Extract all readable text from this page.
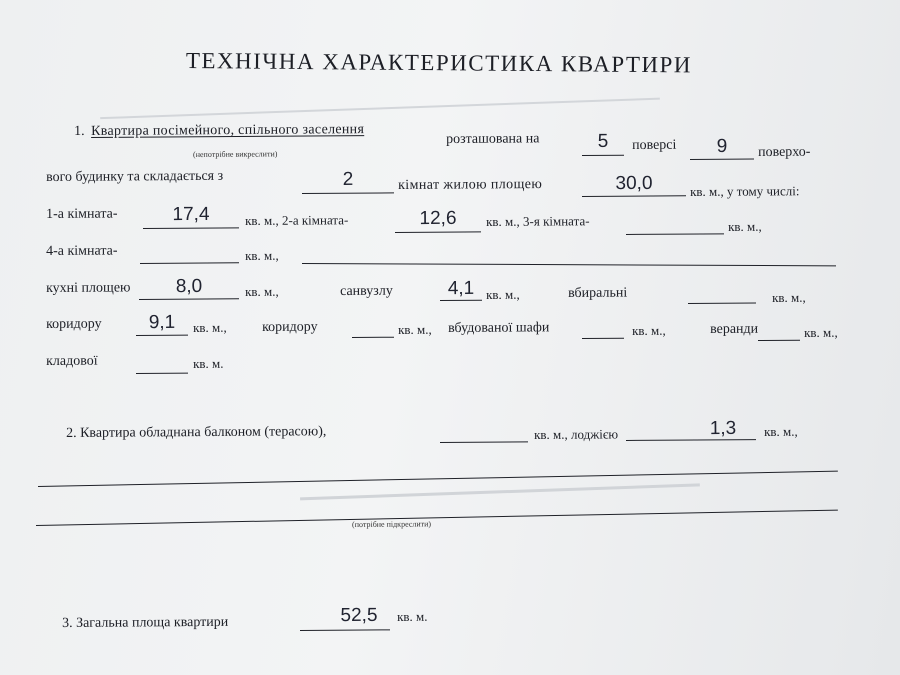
ТЕХНІЧНА ХАРАКТЕРИСТИКА КВАРТИРИ
1. Квартира посімейного, спільного заселення
розташована на	5	поверсі	9	поверхо-
(непотрібне викреслити)
вого будинку та складається з	2	кімнат жилою площею	30,0	кв. м., у тому числі:
1-а кімната-	17,4	кв. м., 2-а кімната-	12,6	кв. м., 3-я кімната-	кв. м.,
4-а кімната-	кв. м.,
кухні площею	8,0	кв. м.,	санвузлу	4,1 кв. м.,	вбиральні	кв. м.,
коридору	9,1	кв. м.,	коридору	кв. м., вбудованої шафи	кв. м.,	веранди	кв. м.,
кладової	кв. м.
2. Квартира обладнана балконом (терасою),	кв. м., лоджією	1,3	кв. м.,
(потрібне підкреслити)
3. Загальна площа квартири	52,5	кв. м.
